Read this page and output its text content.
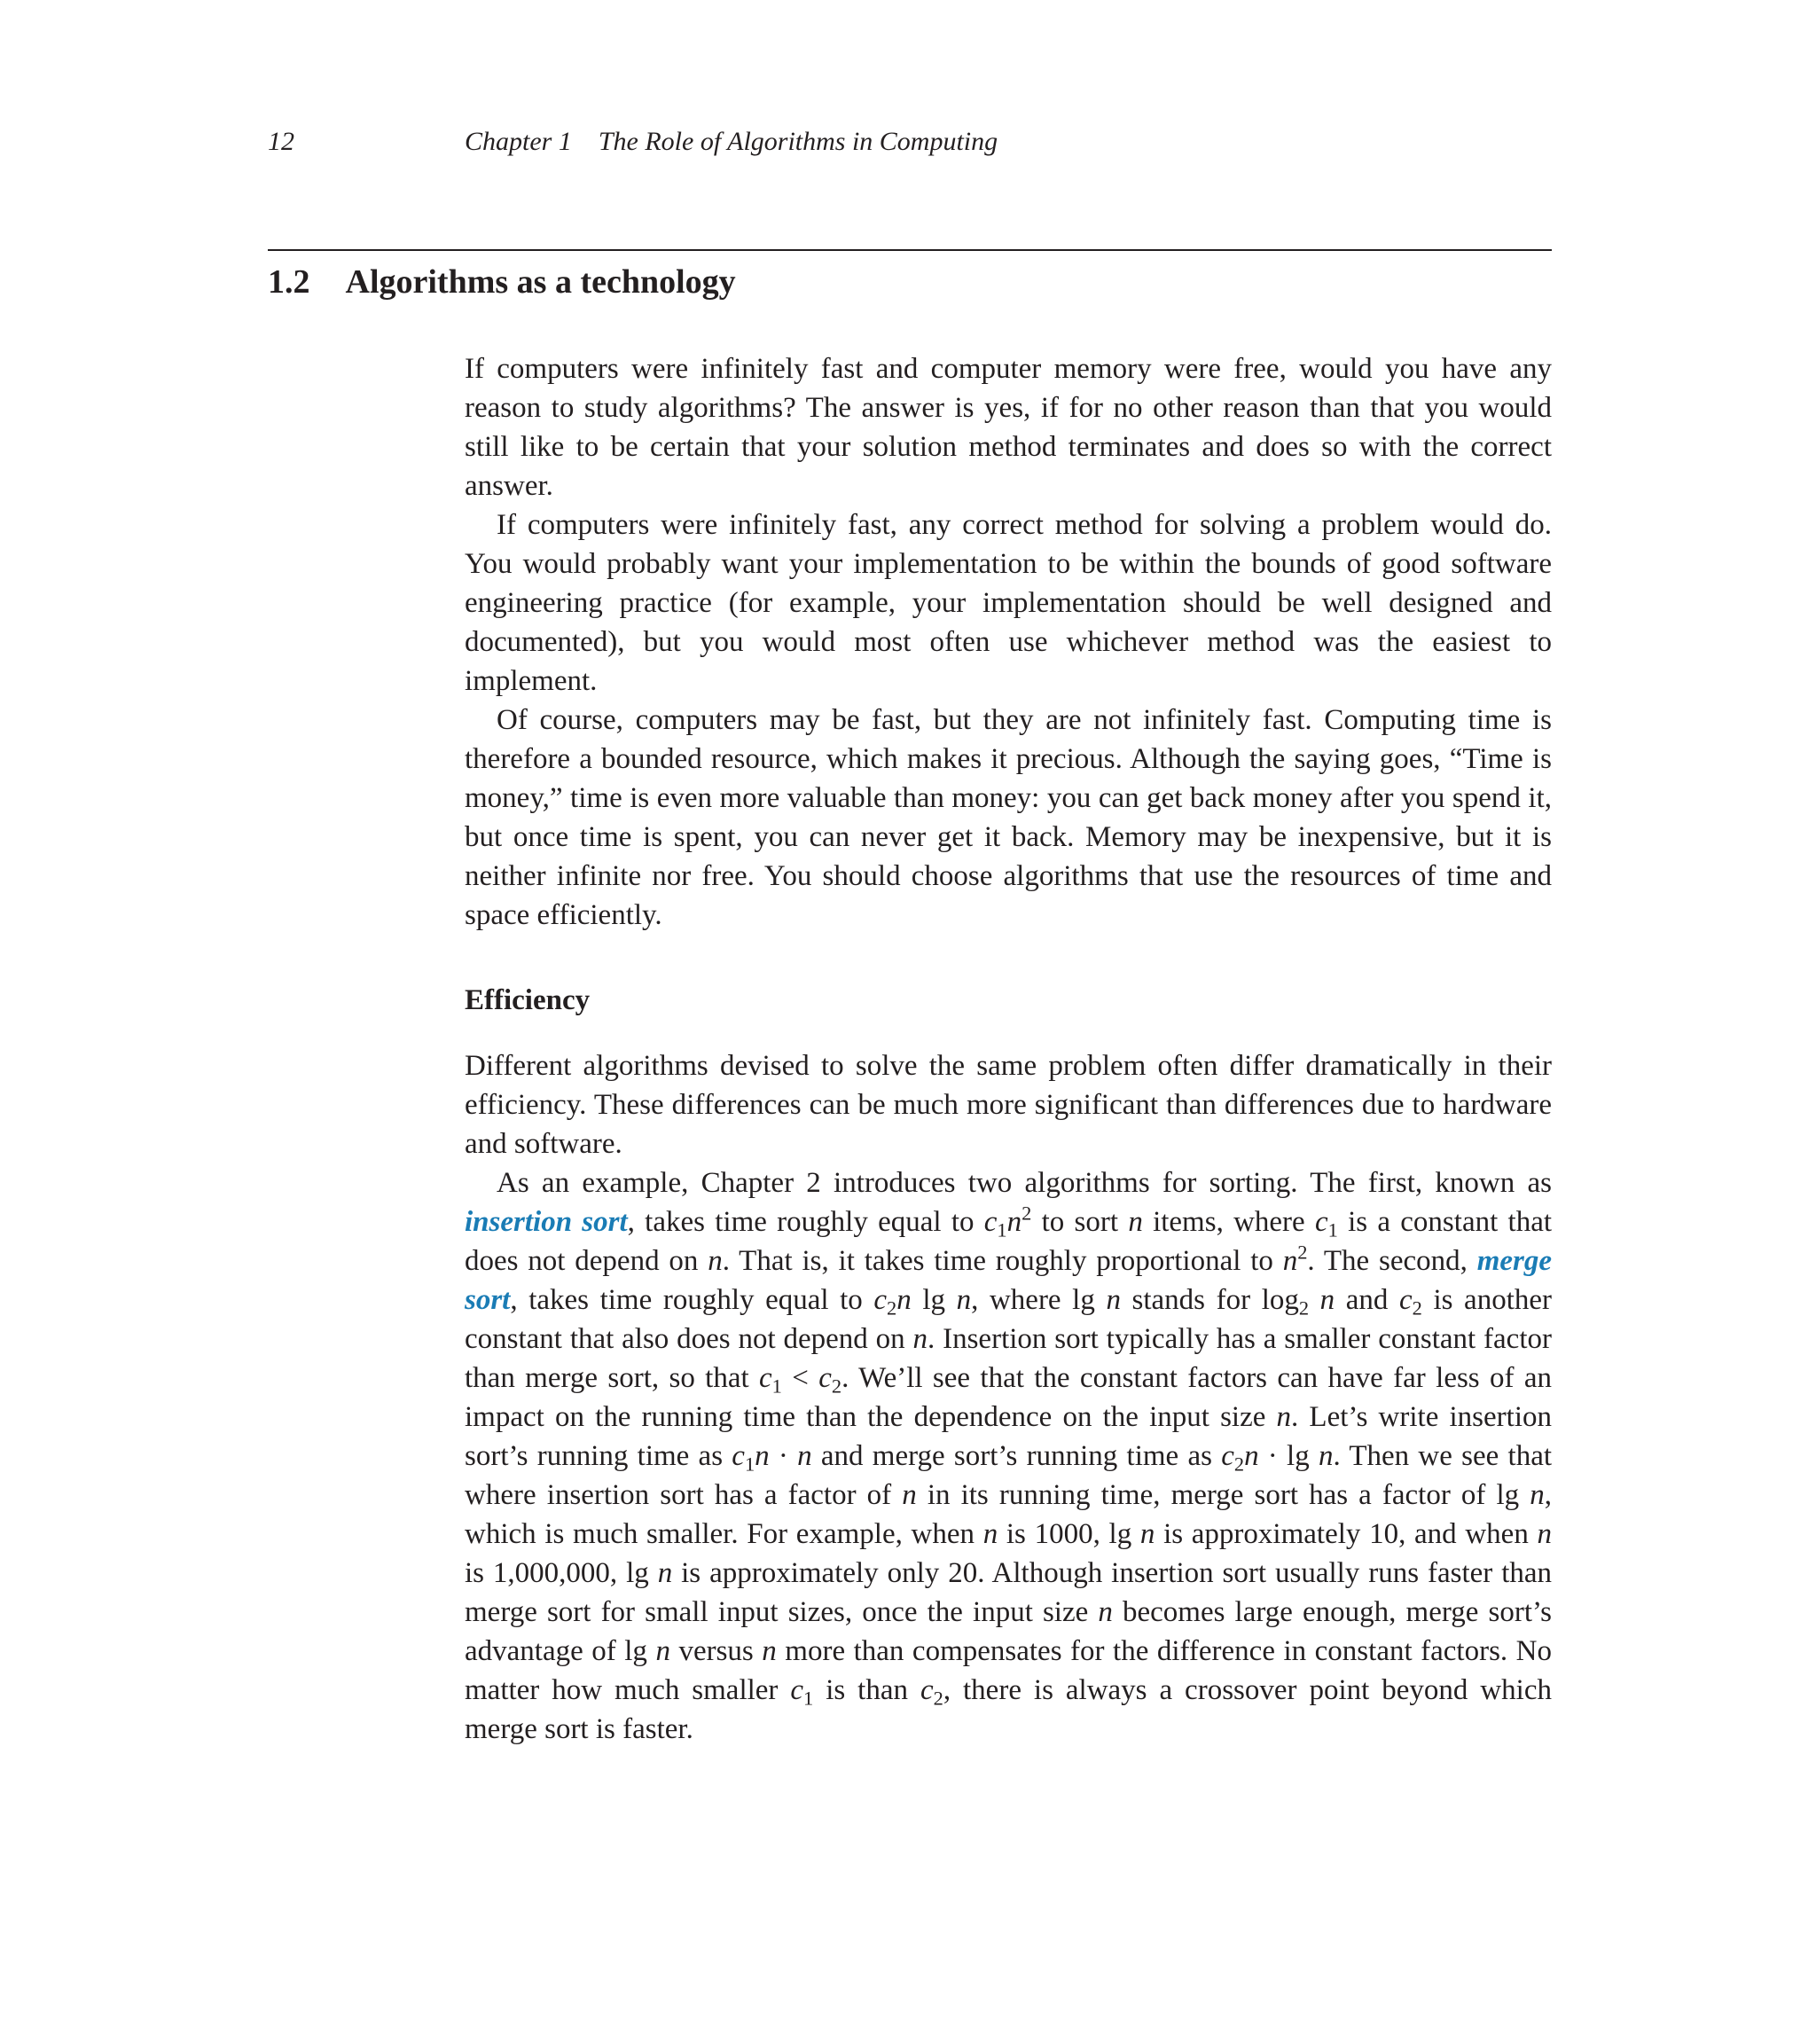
12	Chapter 1 The Role of Algorithms in Computing
1.2 Algorithms as a technology

If computers were infinitely fast and computer memory were free, would you have any reason to study algorithms? The answer is yes, if for no other reason than that you would still like to be certain that your solution method terminates and does so with the correct answer.

If computers were infinitely fast, any correct method for solving a problem would do. You would probably want your implementation to be within the bounds of good software engineering practice (for example, your implementation should be well designed and documented), but you would most often use whichever method was the easiest to implement.

Of course, computers may be fast, but they are not infinitely fast. Computing time is therefore a bounded resource, which makes it precious. Although the saying goes, “Time is money,” time is even more valuable than money: you can get back money after you spend it, but once time is spent, you can never get it back. Memory may be inexpensive, but it is neither infinite nor free. You should choose algorithms that use the resources of time and space efficiently.

Efficiency

Different algorithms devised to solve the same problem often differ dramatically in their efficiency. These differences can be much more significant than differences due to hardware and software.

As an example, Chapter 2 introduces two algorithms for sorting. The first, known as insertion sort, takes time roughly equal to $c_1n^2$ to sort n items, where $c_1$ is a constant that does not depend on n. That is, it takes time roughly proportional to $n^2$. The second, merge sort, takes time roughly equal to $c_2n$ lg n, where lg n stands for $\log_2 n$ and $c_2$ is another constant that also does not depend on n. Insertion sort typically has a smaller constant factor than merge sort, so that $c_1 < c_2$. We’ll see that the constant factors can have far less of an impact on the running time than the dependence on the input size n. Let’s write insertion sort’s running time as $c_1n \cdot n$ and merge sort’s running time as $c_2n \cdot \lg n$. Then we see that where insertion sort has a factor of n in its running time, merge sort has a factor of lg n, which is much smaller. For example, when n is 1000, lg n is approximately 10, and when n is 1,000,000, lg n is approximately only 20. Although insertion sort usually runs faster than merge sort for small input sizes, once the input size n becomes large enough, merge sort’s advantage of lg n versus n more than compensates for the difference in constant factors. No matter how much smaller $c_1$ is than $c_2$, there is always a crossover point beyond which merge sort is faster.
